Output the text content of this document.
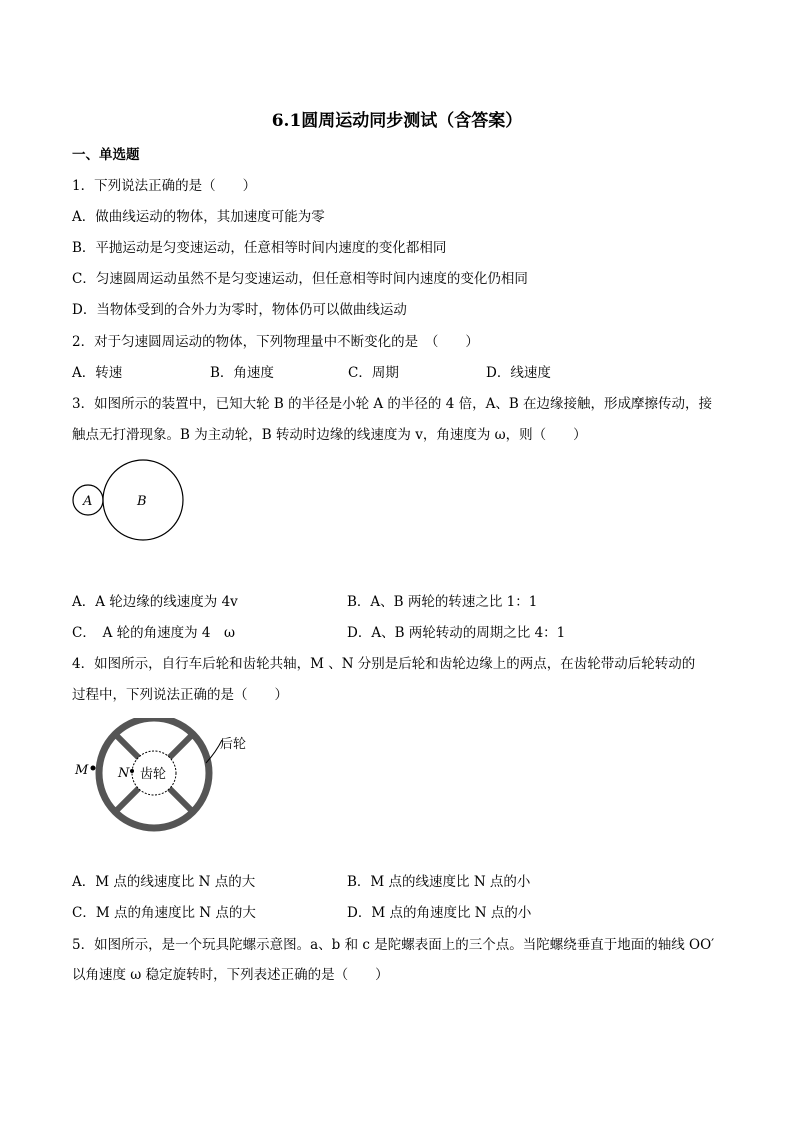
6.1圆周运动同步测试（含答案）
一、单选题
1．下列说法正确的是（　　）
A．做曲线运动的物体，其加速度可能为零
B．平抛运动是匀变速运动，任意相等时间内速度的变化都相同
C．匀速圆周运动虽然不是匀变速运动，但任意相等时间内速度的变化仍相同
D．当物体受到的合外力为零时，物体仍可以做曲线运动
2．对于匀速圆周运动的物体，下列物理量中不断变化的是　（　　）
A．转速	B．角速度	C．周期	D．线速度
3．如图所示的装置中，已知大轮 B 的半径是小轮 A 的半径的 4 倍，A、B 在边缘接触，形成摩擦传动，接
触点无打滑现象。B 为主动轮，B 转动时边缘的线速度为 v，角速度为 ω，则（　　）
A	B
A．A 轮边缘的线速度为 4v	B．A、B 两轮的转速之比 1：1
C．　A 轮的角速度为 4　ω	D．A、B 两轮转动的周期之比 4：1
4．如图所示，自行车后轮和齿轮共轴，M 、N 分别是后轮和齿轮边缘上的两点，在齿轮带动后轮转动的
过程中，下列说法正确的是（　　）
齿轮
M N
后轮
A．M 点的线速度比 N 点的大	B．M 点的线速度比 N 点的小
C．M 点的角速度比 N 点的大	D．M 点的角速度比 N 点的小
5．如图所示，是一个玩具陀螺示意图。a、b 和 c 是陀螺表面上的三个点。当陀螺绕垂直于地面的轴线 OO′
以角速度 ω 稳定旋转时，下列表述正确的是（　　）
